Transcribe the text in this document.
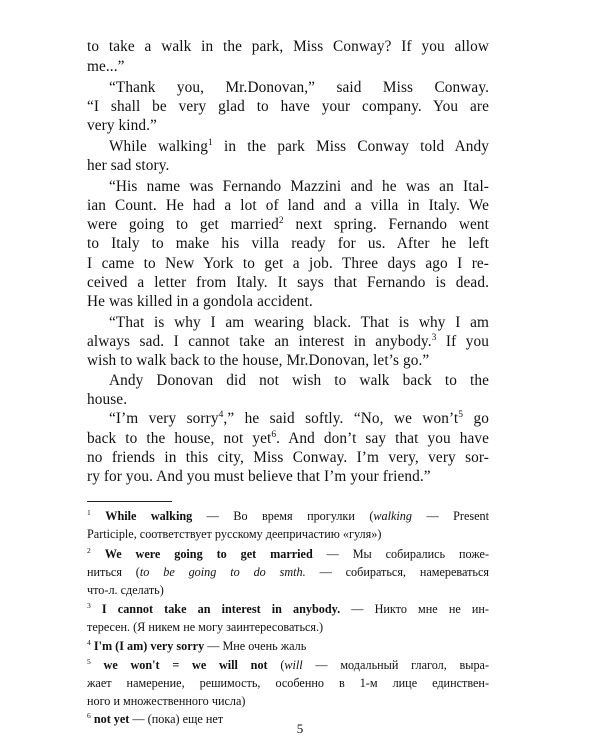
to take a walk in the park, Miss Conway? If you allow
me...”
“Thank you, Mr.Donovan,” said Miss Conway.
“I shall be very glad to have your company. You are
very kind.”
While walking$^1$ in the park Miss Conway told Andy
her sad story.
“His name was Fernando Mazzini and he was an Ital-
ian Count. He had a lot of land and a villa in Italy. We
were going to get married$^2$ next spring. Fernando went
to Italy to make his villa ready for us. After he left
I came to New York to get a job. Three days ago I re-
ceived a letter from Italy. It says that Fernando is dead.
He was killed in a gondola accident.
“That is why I am wearing black. That is why I am
always sad. I cannot take an interest in anybody.$^3$ If you
wish to walk back to the house, Mr.Donovan, let’s go.”
Andy Donovan did not wish to walk back to the
house.
“I’m very sorry$^4$,” he said softly. “No, we $won’t^5$ go
back to the house, not yet$^6$. And don’t say that you have
no friends in this city, Miss Conway. I’m very, very sor-
ry for you. And you must believe that I’m your friend.”
$^1$ While walking — Во время прогулки (walking — Present
Participle, соответствует русскому деепричастию «гуля»)
$^2$ We were going to get married — Мы собирались поже-
ниться (to be going to do smth. — собираться, намереваться
что-л. сделать)
$^3$ I cannot take an interest in anybody. — Никто мне не ин-
тересен. (Я никем не могу заинтересоваться.)
$^4$ I'm (I am) very sorry — Мне очень жаль
$^5$ we won't = we will not (will — модальный глагол, выра-
жает намерение, решимость, особенно в 1-м лице единствен-
ного и множественного числа)
$^6$ not yet — (пока) еще нет
5
